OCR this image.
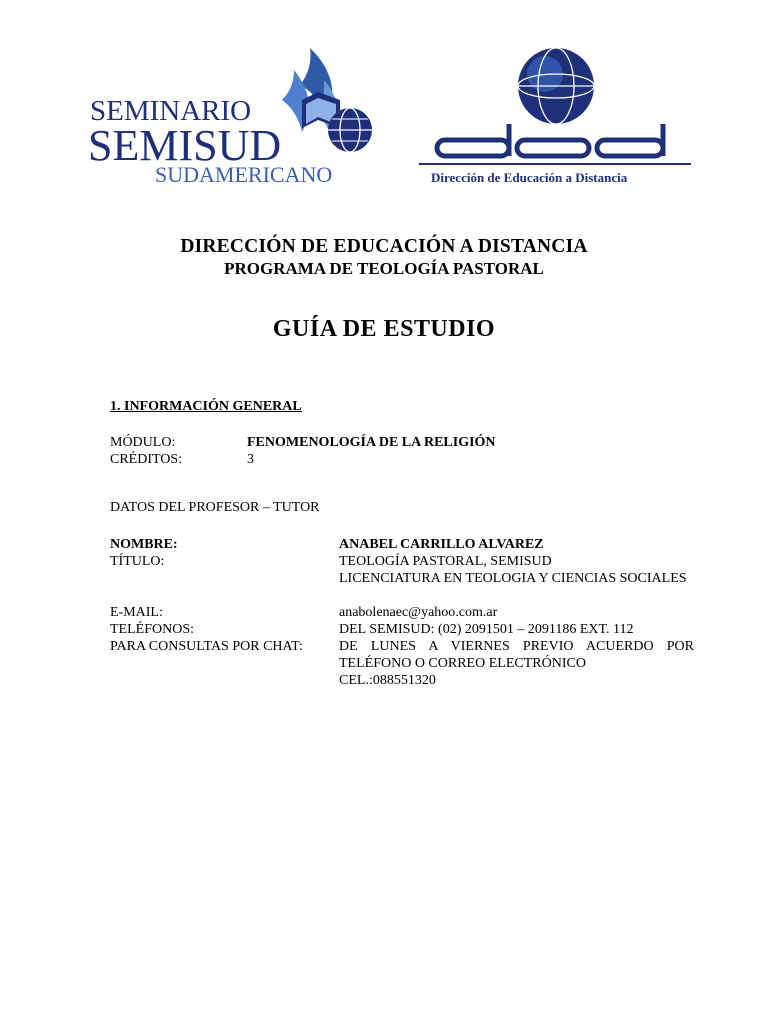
SEMINARIO
SEMISUD
SUDAMERICANO	Dirección de Educación a Distancia
DIRECCIÓN DE EDUCACIÓN A DISTANCIA
PROGRAMA DE TEOLOGÍA PASTORAL
GUÍA DE ESTUDIO
1. INFORMACIÓN GENERAL
MÓDULO:	FENOMENOLOGÍA DE LA RELIGIÓN
CRÉDITOS:	3
DATOS DEL PROFESOR – TUTOR
NOMBRE:	ANABEL CARRILLO ALVAREZ
TÍTULO:	TEOLOGÍA PASTORAL, SEMISUD
LICENCIATURA EN TEOLOGIA Y CIENCIAS SOCIALES
E-MAIL:	anabolenaec@yahoo.com.ar
TELÉFONOS:	DEL SEMISUD: (02) 2091501 – 2091186 EXT. 112
PARA CONSULTAS POR CHAT:	DE LUNES A VIERNES PREVIO ACUERDO POR TELÉFONO O CORREO ELECTRÓNICO
CEL.:088551320
